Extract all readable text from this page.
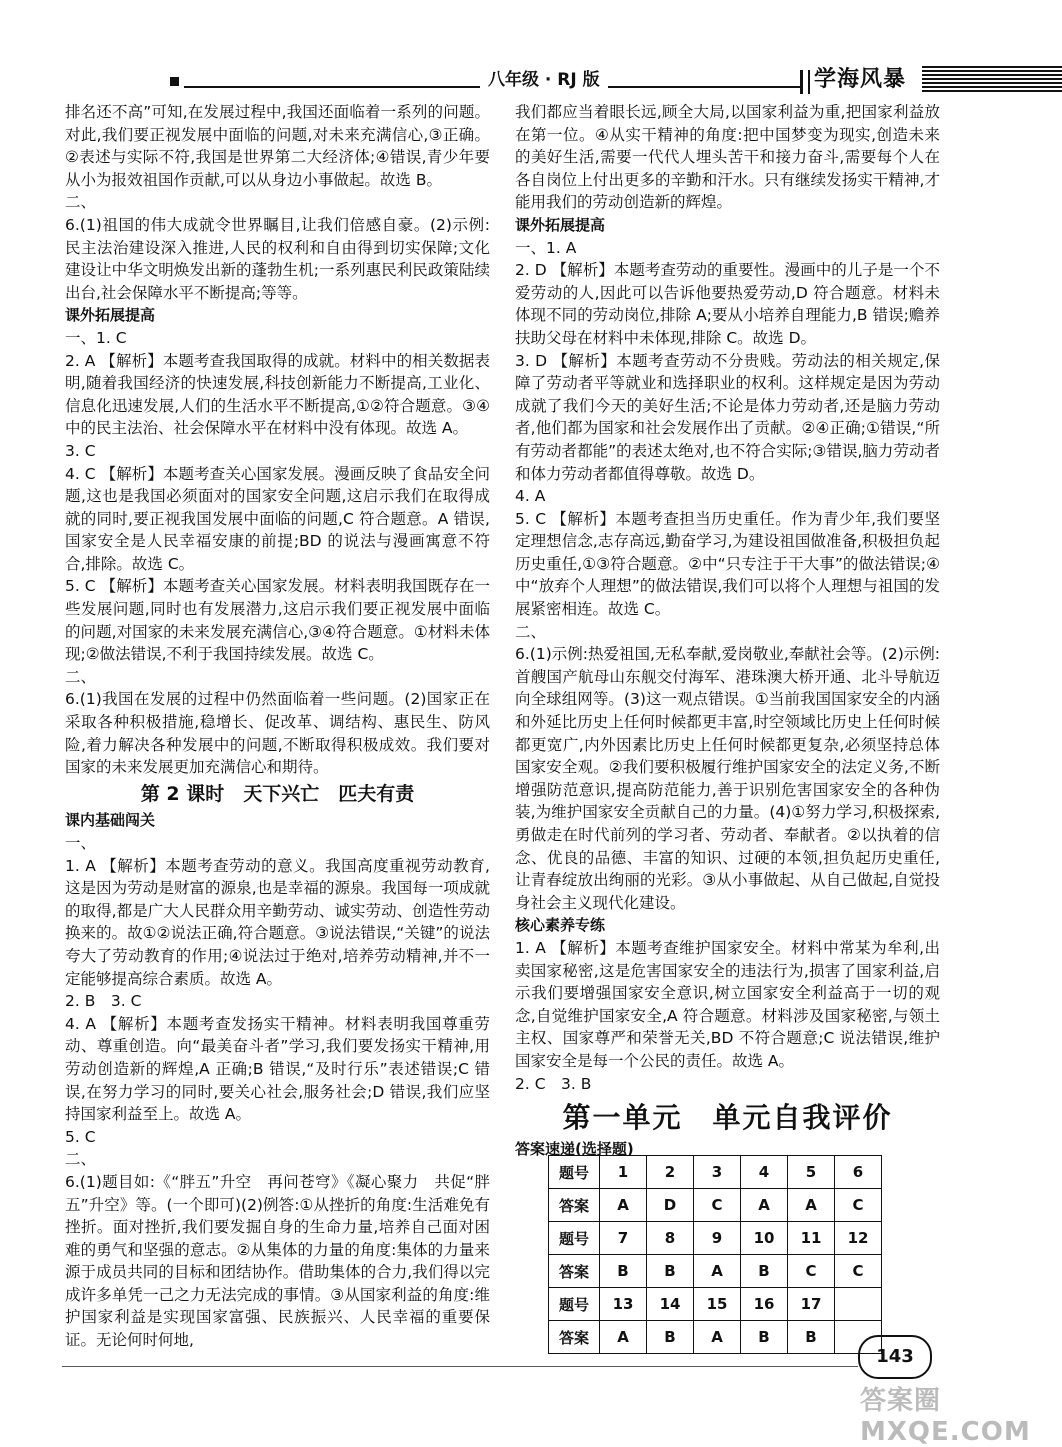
八年级 · RJ 版	学海风暴

排名还不高”可知,在发展过程中,我国还面临着一系列的问题。对此,我们要正视发展中面临的问题,对未来充满信心,③正确。②表述与实际不符,我国是世界第二大经济体;④错误,青少年要从小为报效祖国作贡献,可以从身边小事做起。故选 B。

二、

6.(1)祖国的伟大成就令世界瞩目,让我们倍感自豪。(2)示例:民主法治建设深入推进,人民的权利和自由得到切实保障;文化建设让中华文明焕发出新的蓬勃生机;一系列惠民利民政策陆续出台,社会保障水平不断提高;等等。

课外拓展提高

一、1. C

2. A 【解析】本题考查我国取得的成就。材料中的相关数据表明,随着我国经济的快速发展,科技创新能力不断提高,工业化、信息化迅速发展,人们的生活水平不断提高,①②符合题意。③④中的民主法治、社会保障水平在材料中没有体现。故选 A。

3. C

4. C 【解析】本题考查关心国家发展。漫画反映了食品安全问题,这也是我国必须面对的国家安全问题,这启示我们在取得成就的同时,要正视我国发展中面临的问题,C 符合题意。A 错误,国家安全是人民幸福安康的前提;BD 的说法与漫画寓意不符合,排除。故选 C。

5. C 【解析】本题考查关心国家发展。材料表明我国既存在一些发展问题,同时也有发展潜力,这启示我们要正视发展中面临的问题,对国家的未来发展充满信心,③④符合题意。①材料未体现;②做法错误,不利于我国持续发展。故选 C。

二、

6.(1)我国在发展的过程中仍然面临着一些问题。(2)国家正在采取各种积极措施,稳增长、促改革、调结构、惠民生、防风险,着力解决各种发展中的问题,不断取得积极成效。我们要对国家的未来发展更加充满信心和期待。

第 2 课时　天下兴亡　匹夫有责

课内基础闯关

一、

1. A 【解析】本题考查劳动的意义。我国高度重视劳动教育,这是因为劳动是财富的源泉,也是幸福的源泉。我国每一项成就的取得,都是广大人民群众用辛勤劳动、诚实劳动、创造性劳动换来的。故①②说法正确,符合题意。③说法错误,“关键”的说法夸大了劳动教育的作用;④说法过于绝对,培养劳动精神,并不一定能够提高综合素质。故选 A。

2. B　3. C

4. A 【解析】本题考查发扬实干精神。材料表明我国尊重劳动、尊重创造。向“最美奋斗者”学习,我们要发扬实干精神,用劳动创造新的辉煌,A 正确;B 错误,“及时行乐”表述错误;C 错误,在努力学习的同时,要关心社会,服务社会;D 错误,我们应坚持国家利益至上。故选 A。

5. C

二、

6.(1)题目如:《“胖五”升空　再问苍穹》《凝心聚力　共促“胖五”升空》等。(一个即可)(2)例答:①从挫折的角度:生活难免有挫折。面对挫折,我们要发掘自身的生命力量,培养自己面对困难的勇气和坚强的意志。②从集体的力量的角度:集体的力量来源于成员共同的目标和团结协作。借助集体的合力,我们得以完成许多单凭一己之力无法完成的事情。③从国家利益的角度:维护国家利益是实现国家富强、民族振兴、人民幸福的重要保证。无论何时何地,

我们都应当着眼长远,顾全大局,以国家利益为重,把国家利益放在第一位。④从实干精神的角度:把中国梦变为现实,创造未来的美好生活,需要一代代人埋头苦干和接力奋斗,需要每个人在各自岗位上付出更多的辛勤和汗水。只有继续发扬实干精神,才能用我们的劳动创造新的辉煌。

课外拓展提高

一、1. A

2. D 【解析】本题考查劳动的重要性。漫画中的儿子是一个不爱劳动的人,因此可以告诉他要热爱劳动,D 符合题意。材料未体现不同的劳动岗位,排除 A;要从小培养自理能力,B 错误;赡养扶助父母在材料中未体现,排除 C。故选 D。

3. D 【解析】本题考查劳动不分贵贱。劳动法的相关规定,保障了劳动者平等就业和选择职业的权利。这样规定是因为劳动成就了我们今天的美好生活;不论是体力劳动者,还是脑力劳动者,他们都为国家和社会发展作出了贡献。②④正确;①错误,“所有劳动者都能”的表述太绝对,也不符合实际;③错误,脑力劳动者和体力劳动者都值得尊敬。故选 D。

4. A

5. C 【解析】本题考查担当历史重任。作为青少年,我们要坚定理想信念,志存高远,勤奋学习,为建设祖国做准备,积极担负起历史重任,①③符合题意。②中“只专注于干大事”的做法错误;④中“放弃个人理想”的做法错误,我们可以将个人理想与祖国的发展紧密相连。故选 C。

二、

6.(1)示例:热爱祖国,无私奉献,爱岗敬业,奉献社会等。(2)示例:首艘国产航母山东舰交付海军、港珠澳大桥开通、北斗导航迈向全球组网等。(3)这一观点错误。①当前我国国家安全的内涵和外延比历史上任何时候都更丰富,时空领域比历史上任何时候都更宽广,内外因素比历史上任何时候都更复杂,必须坚持总体国家安全观。②我们要积极履行维护国家安全的法定义务,不断增强防范意识,提高防范能力,善于识别危害国家安全的各种伪装,为维护国家安全贡献自己的力量。(4)①努力学习,积极探索,勇做走在时代前列的学习者、劳动者、奉献者。②以执着的信念、优良的品德、丰富的知识、过硬的本领,担负起历史重任,让青春绽放出绚丽的光彩。③从小事做起、从自己做起,自觉投身社会主义现代化建设。

核心素养专练

1. A 【解析】本题考查维护国家安全。材料中常某为牟利,出卖国家秘密,这是危害国家安全的违法行为,损害了国家利益,启示我们要增强国家安全意识,树立国家安全利益高于一切的观念,自觉维护国家安全,A 符合题意。材料涉及国家秘密,与领土主权、国家尊严和荣誉无关,BD 不符合题意;C 说法错误,维护国家安全是每一个公民的责任。故选 A。

2. C　3. B

第一单元　单元自我评价

答案速递(选择题)

题号	1	2	3	4	5	6
答案	A	D	C	A	A	C
题号	7	8	9	10	11	12
答案	B	B	A	B	C	C
题号	13	14	15	16	17	
答案	A	B	A	B	B	
143
答案圈 MXQE.COM
